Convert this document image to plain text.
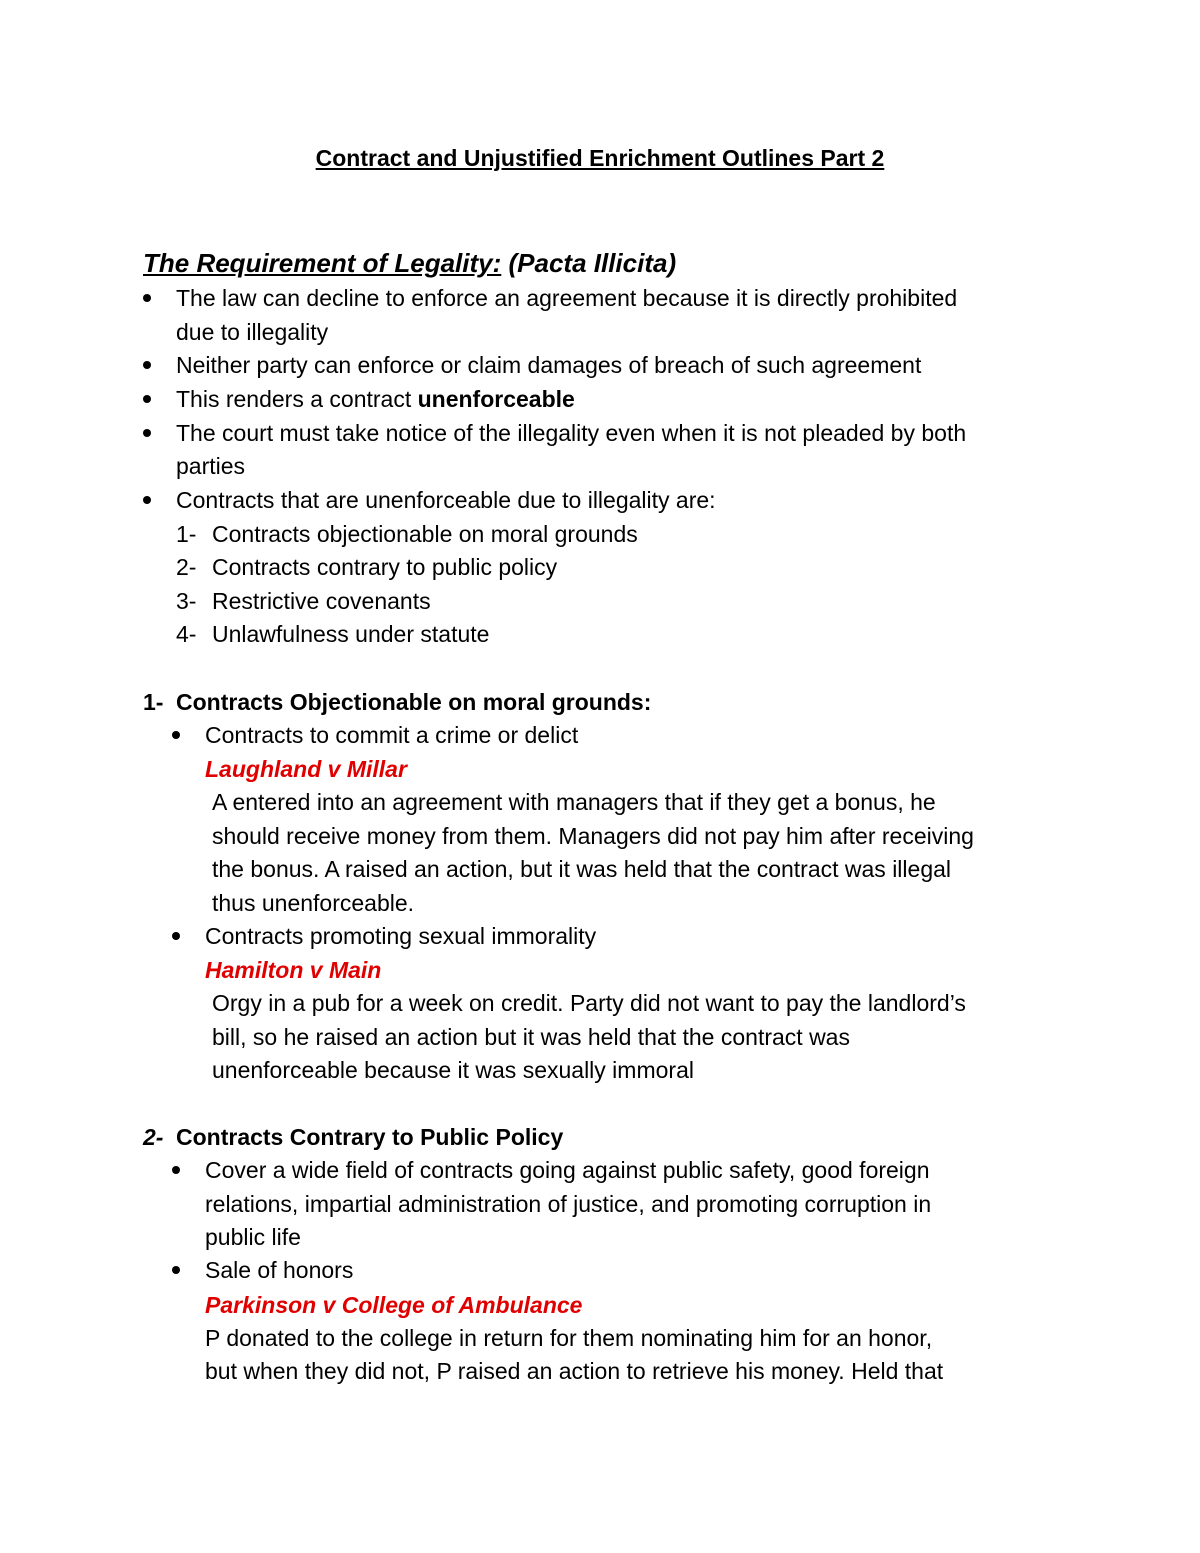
Contract and Unjustified Enrichment Outlines Part 2
The Requirement of Legality: (Pacta Illicita)
The law can decline to enforce an agreement because it is directly prohibited
due to illegality
Neither party can enforce or claim damages of breach of such agreement
This renders a contract unenforceable
The court must take notice of the illegality even when it is not pleaded by both
parties
Contracts that are unenforceable due to illegality are:
1- Contracts objectionable on moral grounds
2- Contracts contrary to public policy
3- Restrictive covenants
4- Unlawfulness under statute
1- Contracts Objectionable on moral grounds:
Contracts to commit a crime or delict
Laughland v Millar
A entered into an agreement with managers that if they get a bonus, he
should receive money from them. Managers did not pay him after receiving
the bonus. A raised an action, but it was held that the contract was illegal
thus unenforceable.
Contracts promoting sexual immorality
Hamilton v Main
Orgy in a pub for a week on credit. Party did not want to pay the landlord’s
bill, so he raised an action but it was held that the contract was
unenforceable because it was sexually immoral
2- Contracts Contrary to Public Policy
Cover a wide field of contracts going against public safety, good foreign
relations, impartial administration of justice, and promoting corruption in
public life
Sale of honors
Parkinson v College of Ambulance
P donated to the college in return for them nominating him for an honor,
but when they did not, P raised an action to retrieve his money. Held that
